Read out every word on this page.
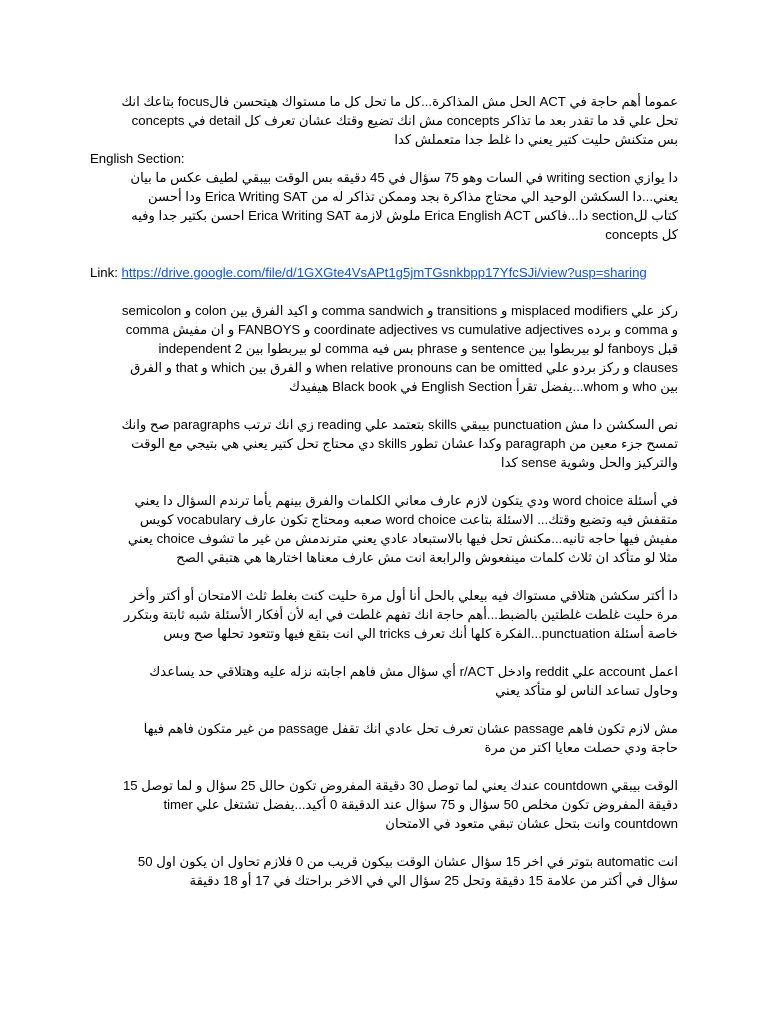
عموما أهم حاجة في ACT الحل مش المذاكرة...كل ما تحل كل ما مستواك هيتحسن فالfocus بتاعك انك
تحل علي قد ما تقدر بعد ما تذاكر concepts مش انك تضيع وقتك عشان تعرف كل detail في concepts
بس متكنش حليت كتير يعني دا غلط جدا متعملش كدا

English Section:

دا يوازي writing section في السات وهو 75 سؤال في 45 دقيقه بس الوقت بيبقي لطيف عكس ما بيان
يعني...دا السكشن الوحيد الي محتاج مذاكرة بجد وممكن تذاكر له من Erica Writing SAT ودا أحسن
كتاب للsection دا...فاكس Erica English ACT ملوش لازمة Erica Writing SAT احسن بكتير جدا وفيه
كل concepts

Link: https://drive.google.com/file/d/1GXGte4VsAPt1g5jmTGsnkbpp17YfcSJi/view?usp=sharing

ركز علي misplaced modifiers و transitions و comma sandwich و اكيد الفرق بين colon و semicolon
و comma و برده coordinate adjectives vs cumulative adjectives و FANBOYS و ان مفيش comma
قبل fanboys لو بيربطوا بين sentence و phrase بس فيه comma لو بيربطوا بين 2 independent
clauses و ركز بردو علي when relative pronouns can be omitted و الفرق بين which و that و الفرق
بين who و whom...يفضل تقرأ English Section في Black book هيفيدك

نص السكشن دا مش punctuation بيبقي skills بتعتمد علي reading زي انك ترتب paragraphs صح وانك
تمسح جزء معين من paragraph وكدا عشان تطور skills دي محتاج تحل كتير يعني هي بتيجي مع الوقت
والتركيز والحل وشوية sense كدا

في أسئلة word choice ودي يتكون لازم عارف معاني الكلمات والفرق بينهم يأما ترندم السؤال دا يعني
متقفش فيه وتضيع وقتك... الاسئلة بتاعت word choice صعبه ومحتاج تكون عارف vocabulary كويس
مفيش فيها حاجه تانيه...مكنش تحل فيها بالاستبعاد عادي يعني مترندمش من غير ما تشوف choice يعني
مثلا لو متأكد ان ثلاث كلمات مينفعوش والرابعة انت مش عارف معناها اختارها هي هتبقي الصح

دا أكتر سكشن هتلاقي مستواك فيه بيعلي بالحل أنا أول مرة حليت كنت بغلط ثلث الامتحان أو أكتر وأخر
مرة حليت غلطت غلطتين بالضبط...أهم حاجة انك تفهم غلطت في ايه لأن أفكار الأسئلة شبه ثابتة وبتكرر
خاصة أسئلة punctuation...الفكرة كلها أنك تعرف tricks الي انت بتقع فيها وتتعود تحلها صح وبس

اعمل account علي reddit وادخل r/ACT أي سؤال مش فاهم اجابته نزله عليه وهتلاقي حد يساعدك
وحاول تساعد الناس لو متأكد يعني

مش لازم تكون فاهم passage عشان تعرف تحل عادي انك تقفل passage من غير متكون فاهم فيها
حاجة ودي حصلت معايا اكتر من مرة

الوقت بيبقي countdown عندك يعني لما توصل 30 دقيقة المفروض تكون حالل 25 سؤال و لما توصل 15
دقيقة المفروض تكون مخلص 50 سؤال و 75 سؤال عند الدقيقة 0 أكيد...يفضل تشتغل علي timer
countdown وانت بتحل عشان تبقي متعود في الامتحان

انت automatic بتوتر في اخر 15 سؤال عشان الوقت بيكون قريب من 0 فلازم تحاول ان يكون اول 50
سؤال في أكتر من علامة 15 دقيقة وتحل 25 سؤال الي في الاخر براحتك في 17 أو 18 دقيقة
